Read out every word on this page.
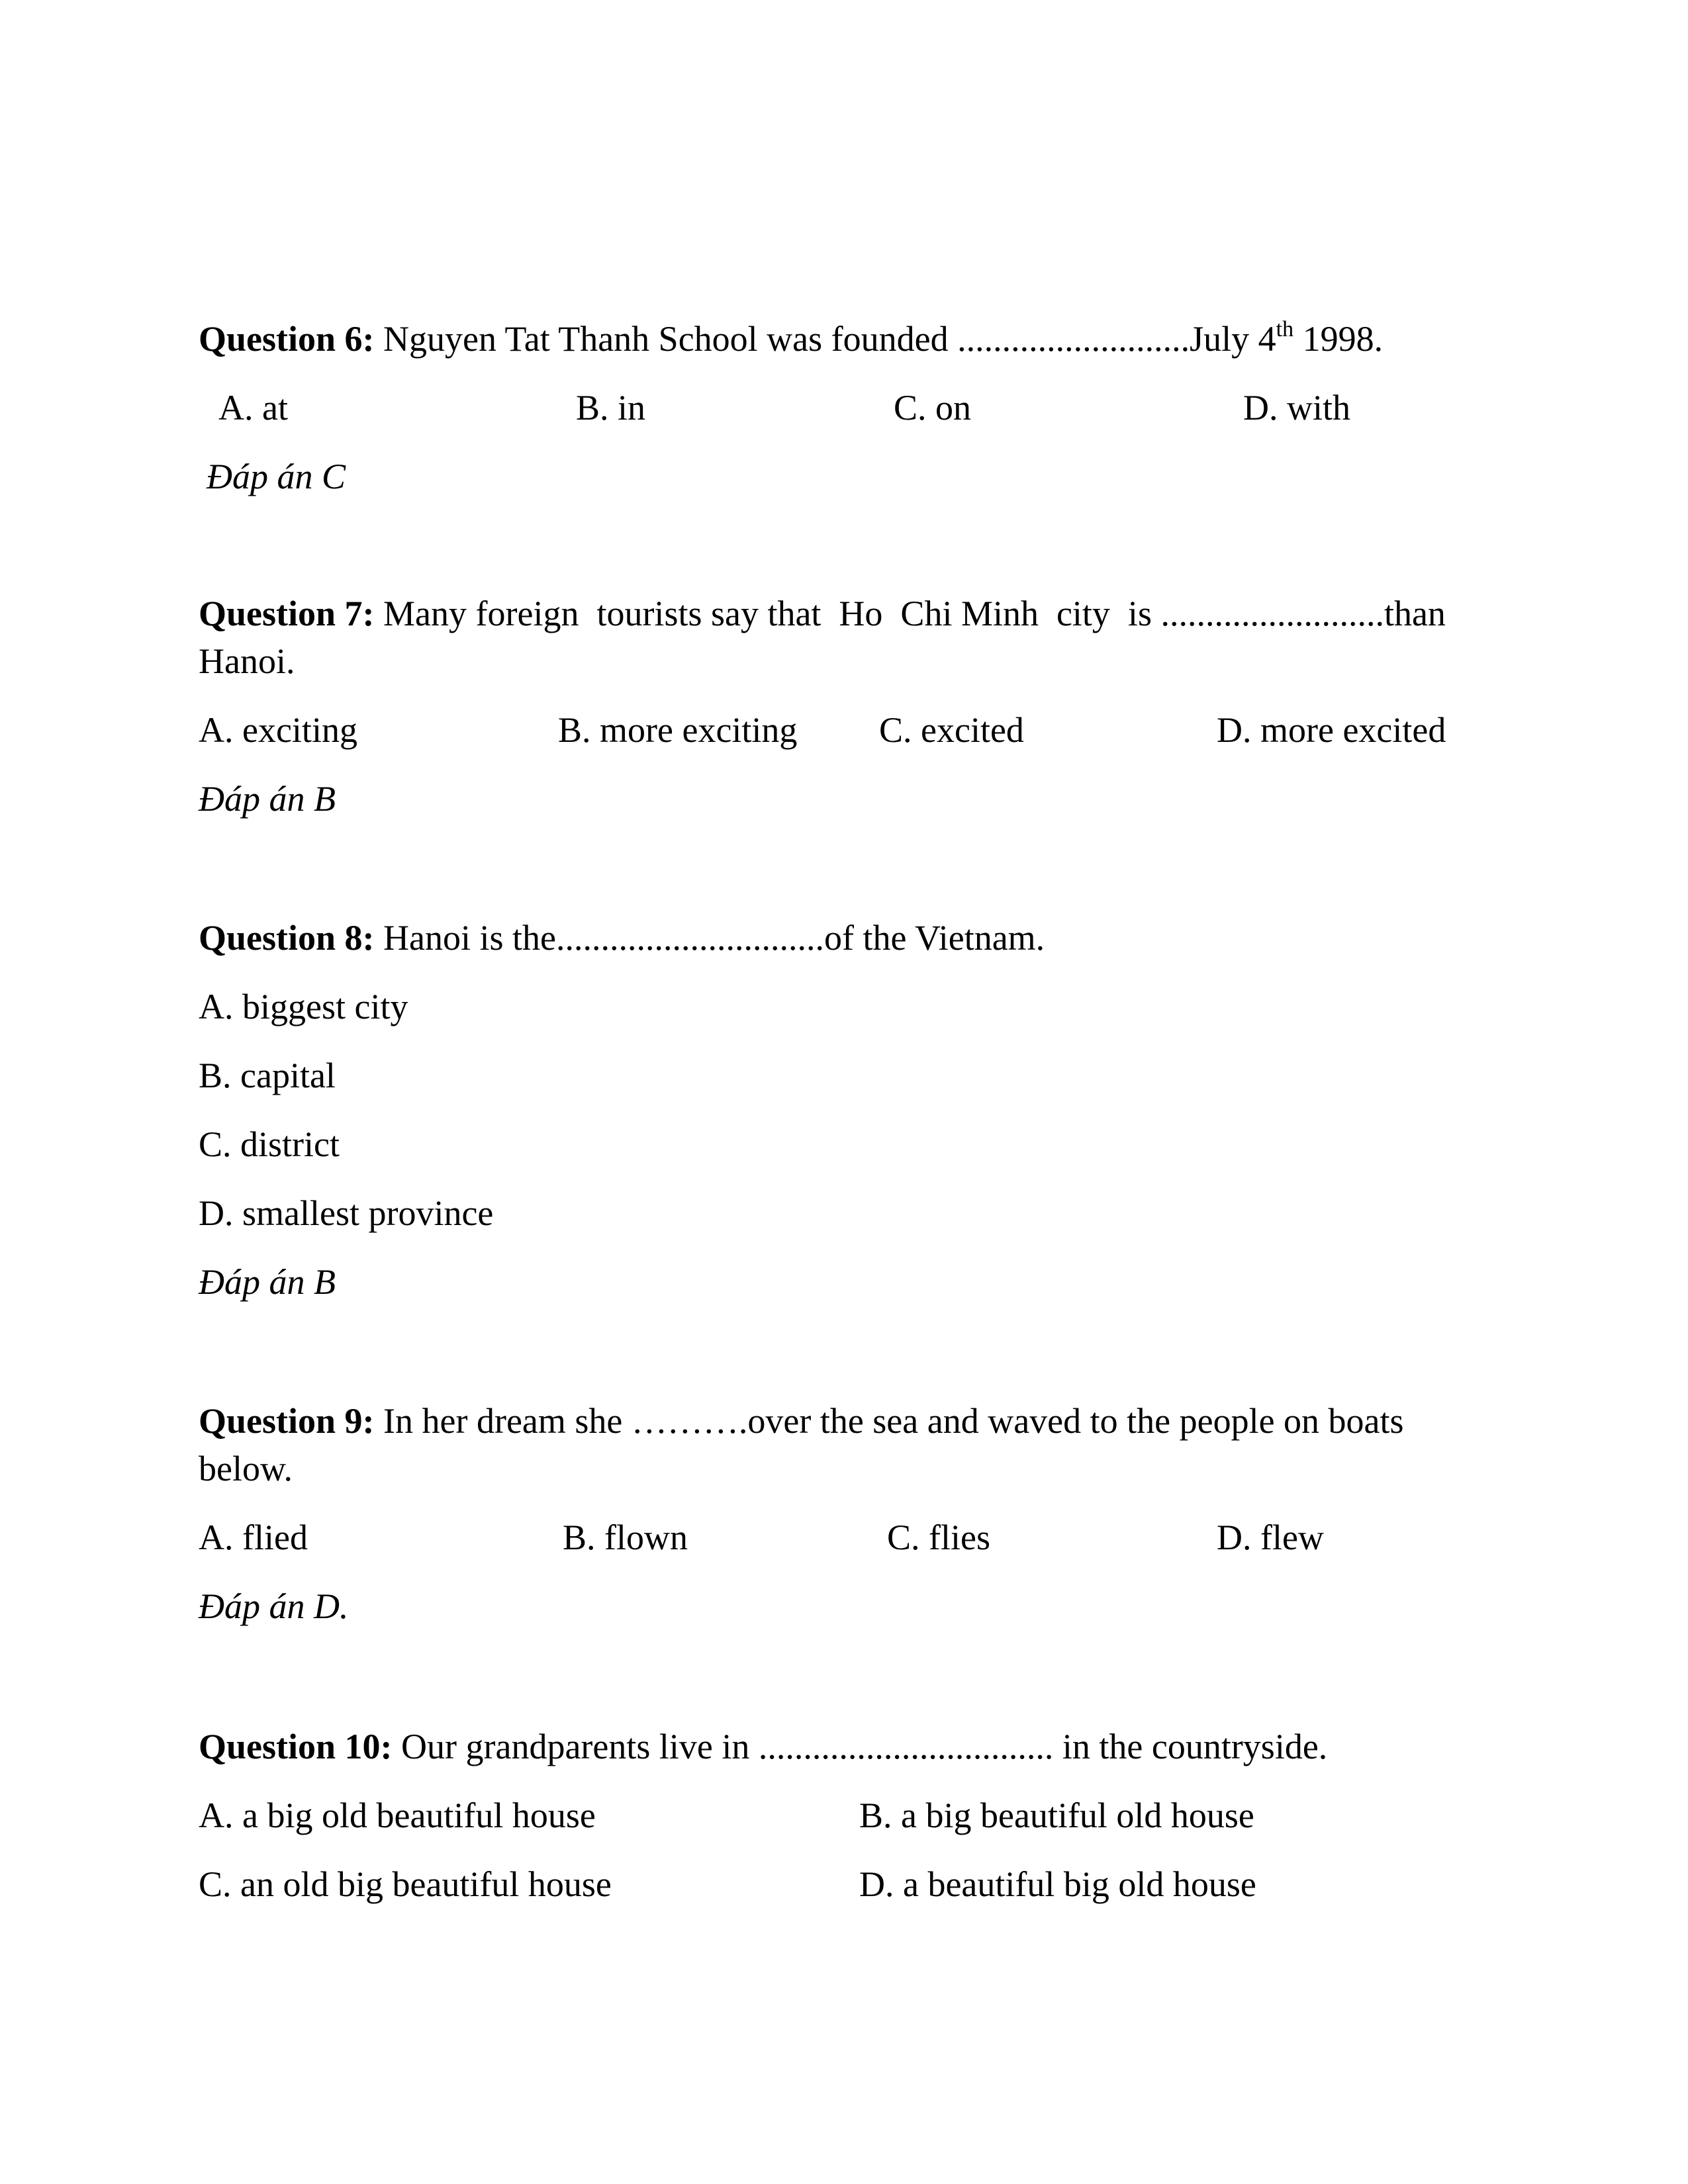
Question 6: Nguyen Tat Thanh School was founded ..........................July 4th 1998.
A. at	B. in	C. on	D. with
Đáp án C
Question 7: Many foreign  tourists say that  Ho  Chi Minh  city  is .........................than
Hanoi.
A. exciting	B. more exciting C. excited	D. more excited
Đáp án B
Question 8: Hanoi is the..............................of the Vietnam.
A. biggest city
B. capital
C. district
D. smallest province
Đáp án B
Question 9: In her dream she ……….over the sea and waved to the people on boats
below.
A. flied	B. flown	C. flies	D. flew
Đáp án D.
Question 10: Our grandparents live in ................................. in the countryside.
A. a big old beautiful house	B. a big beautiful old house
C. an old big beautiful house	D. a beautiful big old house
